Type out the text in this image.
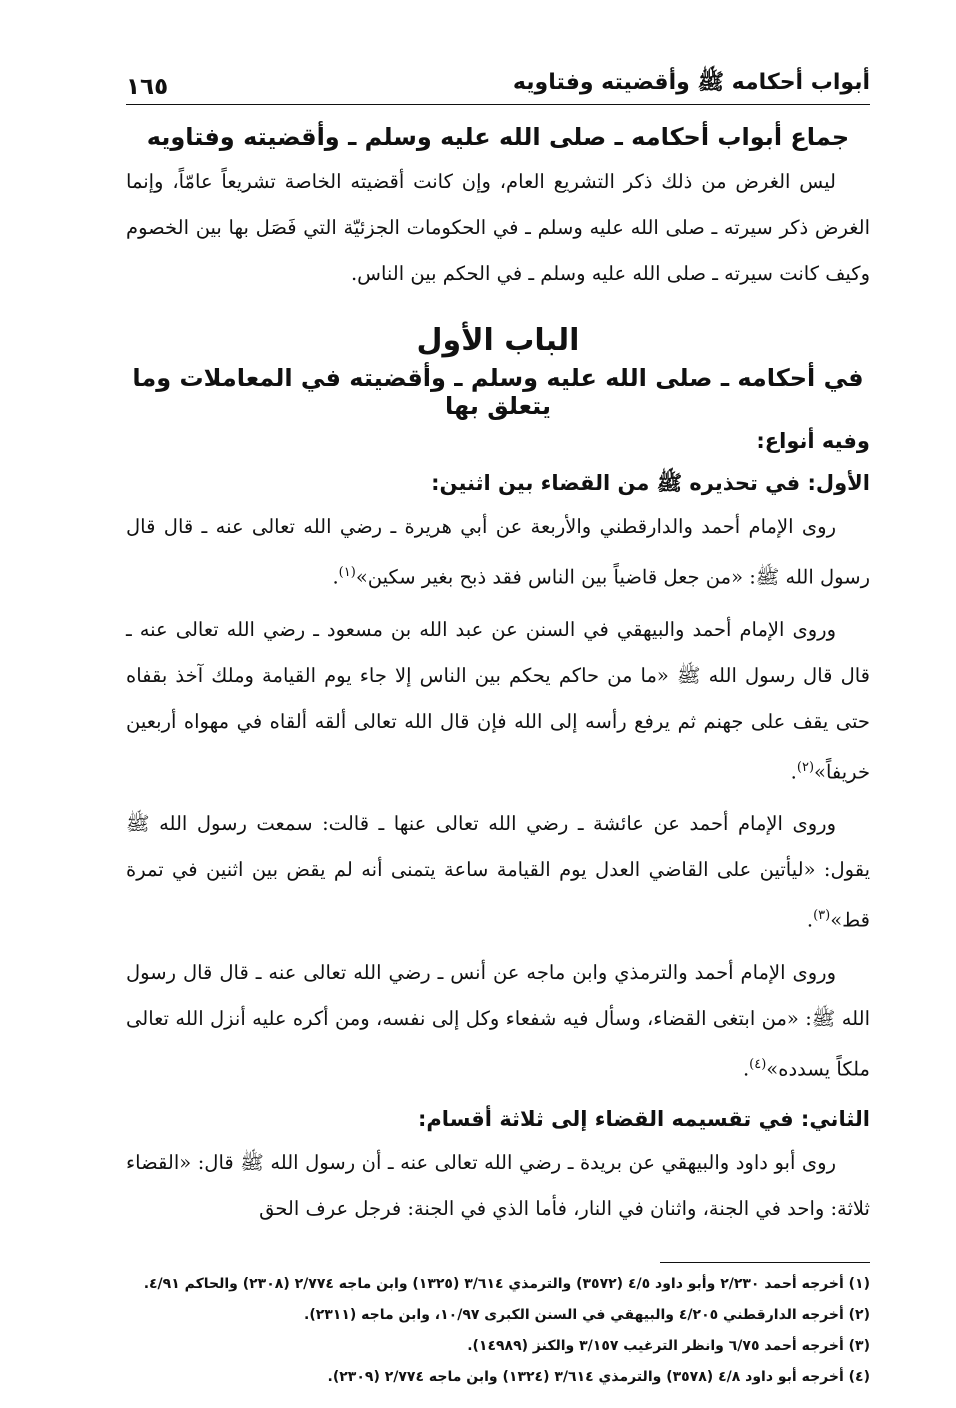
أبواب أحكامه ﷺ وأقضيته وفتاويه
١٦٥
جماع أبواب أحكامه ـ صلى الله عليه وسلم ـ وأقضيته وفتاويه

ليس الغرض من ذلك ذكر التشريع العام، وإن كانت أقضيته الخاصة تشريعاً عامّاً، وإنما الغرض ذكر سيرته ـ صلى الله عليه وسلم ـ في الحكومات الجزئيّة التي فَصَل بها بين الخصوم وكيف كانت سيرته ـ صلى الله عليه وسلم ـ في الحكم بين الناس.

الباب الأول
في أحكامه ـ صلى الله عليه وسلم ـ وأقضيته في المعاملات وما يتعلق بها
وفيه أنواع:
الأول: في تحذيره ﷺ من القضاء بين اثنين:

روى الإمام أحمد والدارقطني والأربعة عن أبي هريرة ـ رضي الله تعالى عنه ـ قال قال رسول الله ﷺ: «من جعل قاضياً بين الناس فقد ذبح بغير سكين»$^{(١)}$.

وروى الإمام أحمد والبيهقي في السنن عن عبد الله بن مسعود ـ رضي الله تعالى عنه ـ قال قال رسول الله ﷺ «ما من حاكم يحكم بين الناس إلا جاء يوم القيامة وملك آخذ بقفاه حتى يقف على جهنم ثم يرفع رأسه إلى الله فإن قال الله تعالى ألقه ألقاه في مهواه أربعين خريفاً»$^{(٢)}$.

وروى الإمام أحمد عن عائشة ـ رضي الله تعالى عنها ـ قالت: سمعت رسول الله ﷺ يقول: «ليأتين على القاضي العدل يوم القيامة ساعة يتمنى أنه لم يقض بين اثنين في تمرة قط»$^{(٣)}$.

وروى الإمام أحمد والترمذي وابن ماجه عن أنس ـ رضي الله تعالى عنه ـ قال قال رسول الله ﷺ: «من ابتغى القضاء، وسأل فيه شفعاء وكل إلى نفسه، ومن أكره عليه أنزل الله تعالى ملكاً يسدده»$^{(٤)}$.

الثاني: في تقسيمه القضاء إلى ثلاثة أقسام:

روى أبو داود والبيهقي عن بريدة ـ رضي الله تعالى عنه ـ أن رسول الله ﷺ قال: «القضاء ثلاثة: واحد في الجنة، واثنان في النار، فأما الذي في الجنة: فرجل عرف الحق

(١) أخرجه أحمد ٢/٢٣٠ وأبو داود ٤/٥ (٣٥٧٢) والترمذي ٣/٦١٤ (١٣٢٥) وابن ماجه ٢/٧٧٤ (٢٣٠٨) والحاكم ٤/٩١.

(٢) أخرجه الدارقطني ٤/٢٠٥ والبيهقي في السنن الكبرى ١٠/٩٧، وابن ماجه (٢٣١١).

(٣) أخرجه أحمد ٦/٧٥ وانظر الترغيب ٣/١٥٧ والكنز (١٤٩٨٩).

(٤) أخرجه أبو داود ٤/٨ (٣٥٧٨) والترمذي ٣/٦١٤ (١٣٢٤) وابن ماجه ٢/٧٧٤ (٢٣٠٩).
